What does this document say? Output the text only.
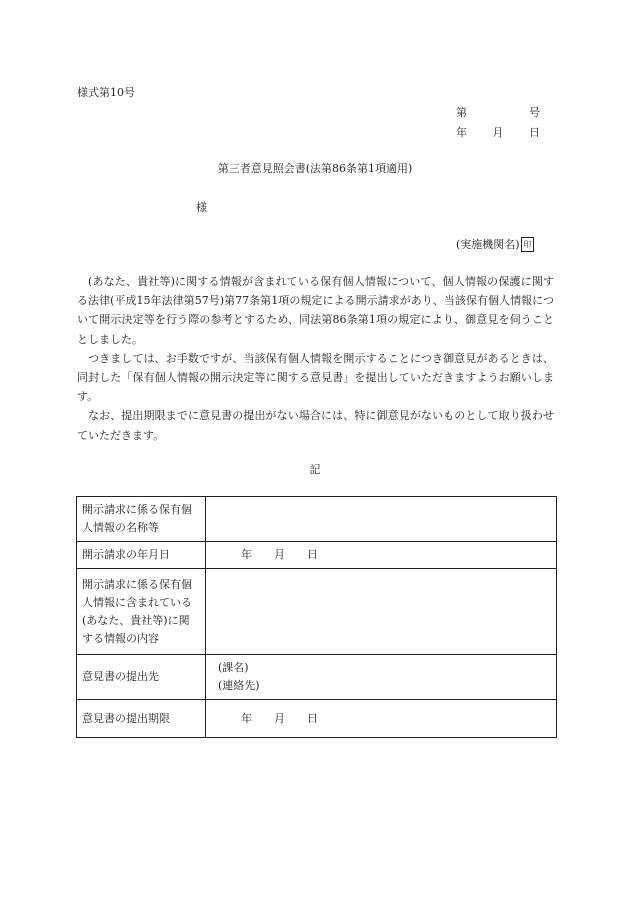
様式第10号
第	号
年 月 日
第三者意見照会書(法第86条第1項適用)
様
(実施機関名) 印

(あなた、貴社等)に関する情報が含まれている保有個人情報について、個人情報の保護に関する法律(平成15年法律第57号)第77条第1項の規定による開示請求があり、当該保有個人情報について開示決定等を行う際の参考とするため、同法第86条第1項の規定により、御意見を伺うこととしました。

つきましては、お手数ですが、当該保有個人情報を開示することにつき御意見があるときは、同封した「保有個人情報の開示決定等に関する意見書」を提出していただきますようお願いします。

なお、提出期限までに意見書の提出がない場合には、特に御意見がないものとして取り扱わせていただきます。

記
開示請求に係る保有個人情報の名称等	
開示請求の年月日	年 月 日

開示請求に係る保有個人情報に含まれている(あなた、貴社等)に関する情報の内容	
意見書の提出先	(課名)
(連絡先)

意見書の提出期限	年 月 日
